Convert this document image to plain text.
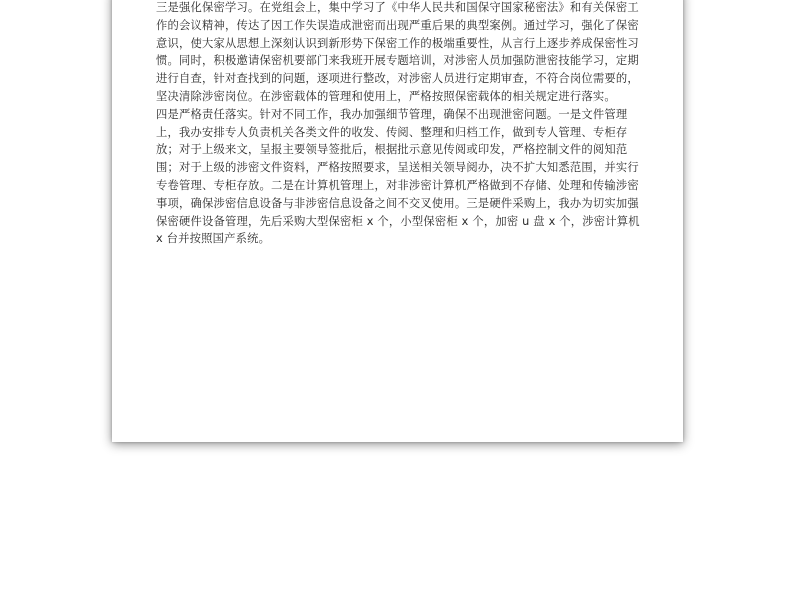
三是强化保密学习。在党组会上，集中学习了《中华人民共和国保守国家秘密法》和有关保密工作的会议精神，传达了因工作失误造成泄密而出现严重后果的典型案例。通过学习，强化了保密意识，使大家从思想上深刻认识到新形势下保密工作的极端重要性，从言行上逐步养成保密性习惯。同时，积极邀请保密机要部门来我班开展专题培训，对涉密人员加强防泄密技能学习，定期进行自查，针对查找到的问题，逐项进行整改，对涉密人员进行定期审查，不符合岗位需要的，坚决清除涉密岗位。在涉密载体的管理和使用上，严格按照保密载体的相关规定进行落实。

四是严格责任落实。针对不同工作，我办加强细节管理，确保不出现泄密问题。一是文件管理上，我办安排专人负责机关各类文件的收发、传阅、整理和归档工作，做到专人管理、专柜存放；对于上级来文，呈报主要领导签批后，根据批示意见传阅或印发，严格控制文件的阅知范围；对于上级的涉密文件资料，严格按照要求，呈送相关领导阅办，决不扩大知悉范围，并实行专卷管理、专柜存放。二是在计算机管理上，对非涉密计算机严格做到不存储、处理和传输涉密事项，确保涉密信息设备与非涉密信息设备之间不交叉使用。三是硬件采购上，我办为切实加强保密硬件设备管理，先后采购大型保密柜 x 个，小型保密柜 x 个，加密 u 盘 x 个，涉密计算机 x 台并按照国产系统。
